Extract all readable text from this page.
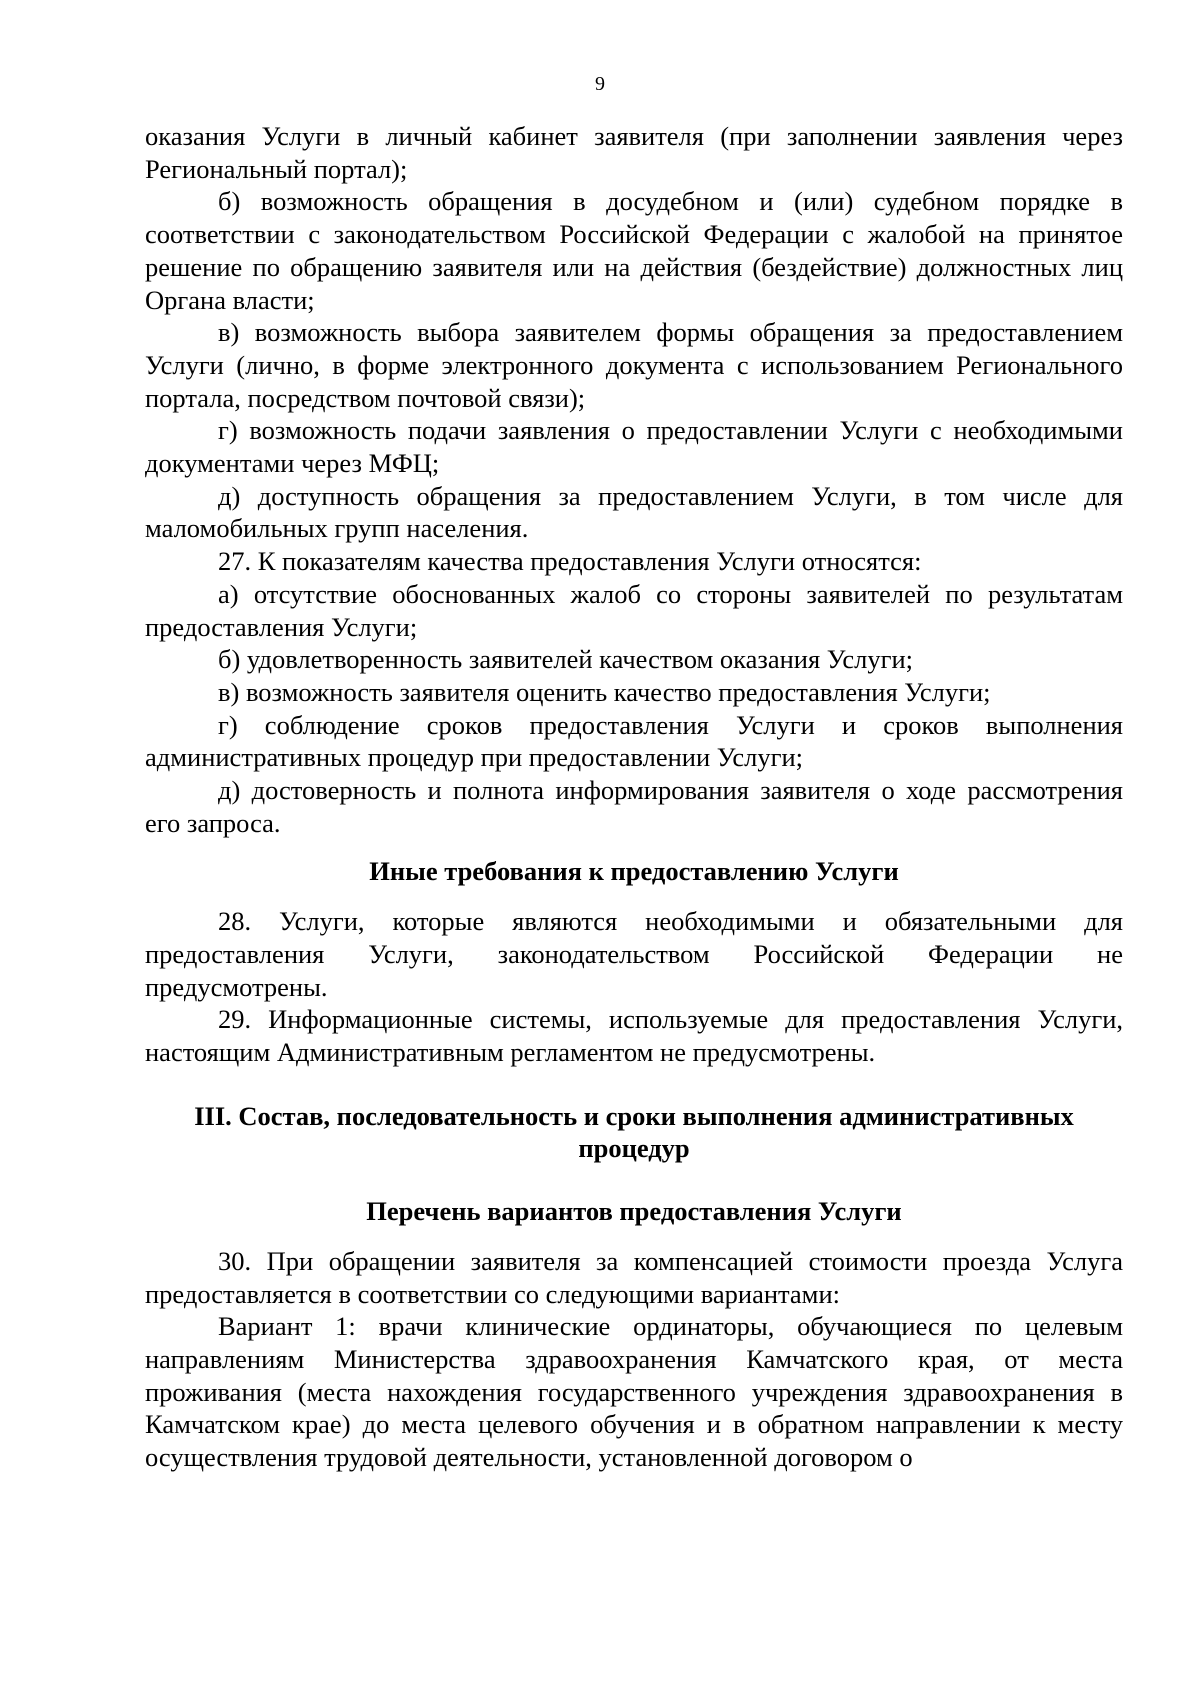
9

оказания Услуги в личный кабинет заявителя (при заполнении заявления через Региональный портал);

б) возможность обращения в досудебном и (или) судебном порядке в соответствии с законодательством Российской Федерации с жалобой на принятое решение по обращению заявителя или на действия (бездействие) должностных лиц Органа власти;

в) возможность выбора заявителем формы обращения за предоставлением Услуги (лично, в форме электронного документа с использованием Регионального портала, посредством почтовой связи);

г) возможность подачи заявления о предоставлении Услуги с необходимыми документами через МФЦ;

д) доступность обращения за предоставлением Услуги, в том числе для маломобильных групп населения.

27. К показателям качества предоставления Услуги относятся:

а) отсутствие обоснованных жалоб со стороны заявителей по результатам предоставления Услуги;

б) удовлетворенность заявителей качеством оказания Услуги;

в) возможность заявителя оценить качество предоставления Услуги;

г) соблюдение сроков предоставления Услуги и сроков выполнения административных процедур при предоставлении Услуги;

д) достоверность и полнота информирования заявителя о ходе рассмотрения его запроса.

Иные требования к предоставлению Услуги

28. Услуги, которые являются необходимыми и обязательными для предоставления Услуги, законодательством Российской Федерации не предусмотрены.

29. Информационные системы, используемые для предоставления Услуги, настоящим Административным регламентом не предусмотрены.

III. Состав, последовательность и сроки выполнения административных процедур
Перечень вариантов предоставления Услуги

30. При обращении заявителя за компенсацией стоимости проезда Услуга предоставляется в соответствии со следующими вариантами:

Вариант 1: врачи клинические ординаторы, обучающиеся по целевым направлениям Министерства здравоохранения Камчатского края, от места проживания (места нахождения государственного учреждения здравоохранения в Камчатском крае) до места целевого обучения и в обратном направлении к месту осуществления трудовой деятельности, установленной договором о
